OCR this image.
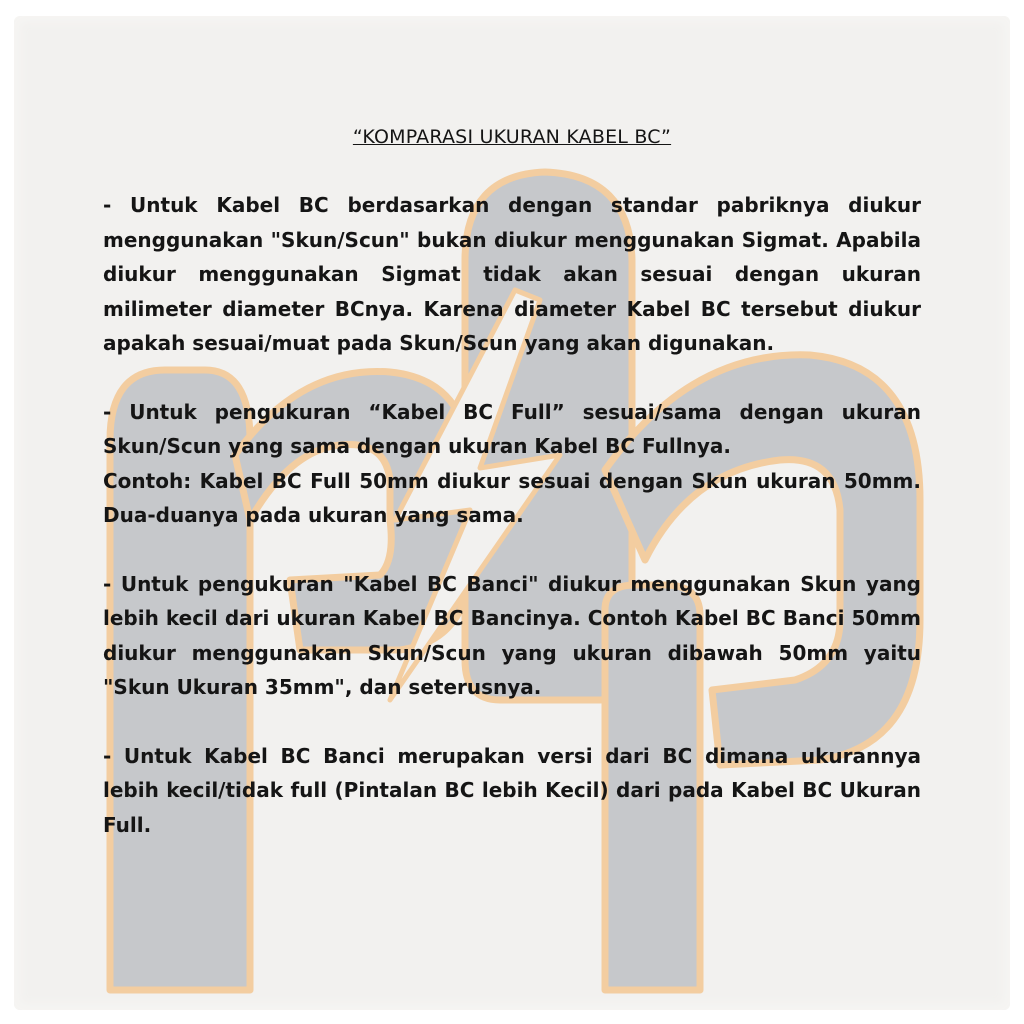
“KOMPARASI UKURAN KABEL BC”

- Untuk Kabel BC berdasarkan dengan standar pabriknya diukur menggunakan "Skun/Scun" bukan diukur menggunakan Sigmat. Apabila diukur menggunakan Sigmat tidak akan sesuai dengan ukuran milimeter diameter BCnya. Karena diameter Kabel BC tersebut diukur apakah sesuai/muat pada Skun/Scun yang akan digunakan.

- Untuk pengukuran “Kabel BC Full” sesuai/sama dengan ukuran Skun/Scun yang sama dengan ukuran Kabel BC Fullnya.

Contoh: Kabel BC Full 50mm diukur sesuai dengan Skun ukuran 50mm. Dua-duanya pada ukuran yang sama.

- Untuk pengukuran "Kabel BC Banci" diukur menggunakan Skun yang lebih kecil dari ukuran Kabel BC Bancinya. Contoh Kabel BC Banci 50mm diukur menggunakan Skun/Scun yang ukuran dibawah 50mm yaitu "Skun Ukuran 35mm", dan seterusnya.

- Untuk Kabel BC Banci merupakan versi dari BC dimana ukurannya lebih kecil/tidak full (Pintalan BC lebih Kecil) dari pada Kabel BC Ukuran Full.
